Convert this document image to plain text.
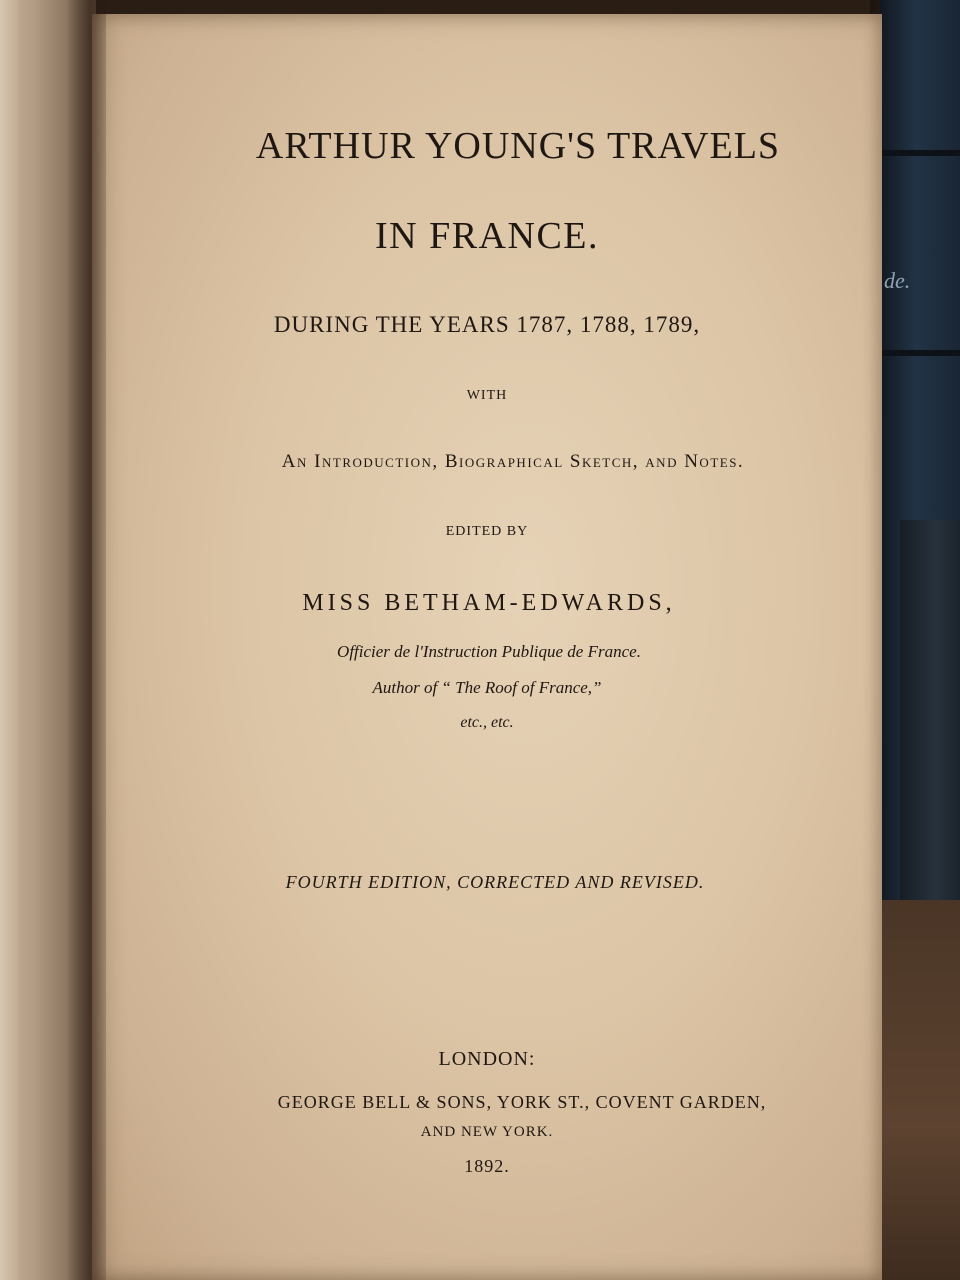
de.
ARTHUR YOUNG'S TRAVELS
IN FRANCE.
DURING THE YEARS 1787, 1788, 1789,
WITH
An Introduction, Biographical Sketch, and Notes.
EDITED BY
MISS BETHAM-EDWARDS,
Officier de l'Instruction Publique de France.
Author of “ The Roof of France,”
etc., etc.
FOURTH EDITION, CORRECTED AND REVISED.
LONDON:
GEORGE BELL & SONS, YORK ST., COVENT GARDEN,
AND NEW YORK.
1892.
